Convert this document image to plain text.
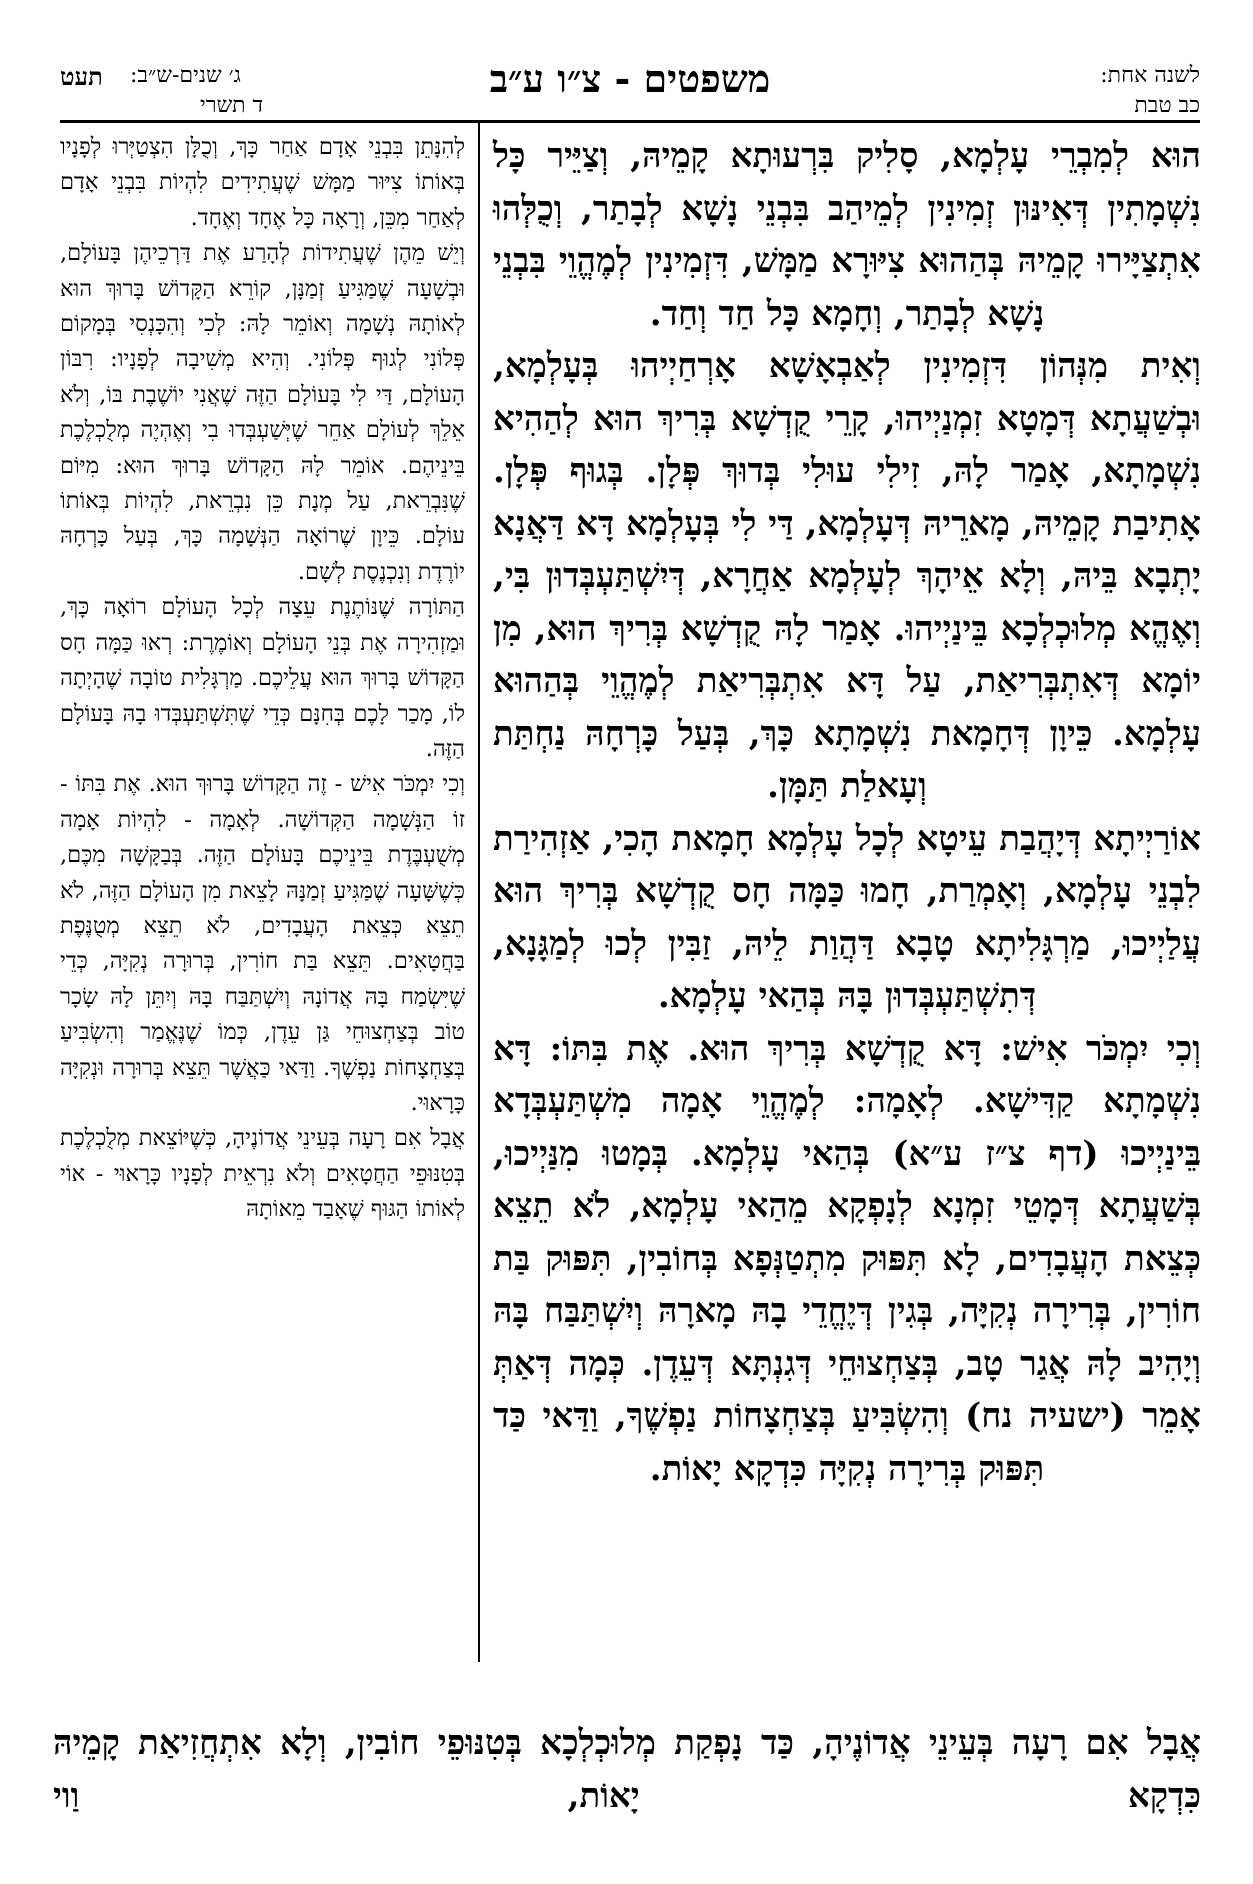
לשנה אחת:
כב טבת
משפטים - צ״ו ע״ב
ג׳ שנים-ש״ב:
ד תשרי
תעט

הוּא לְמִבְרֵי עָלְמָא, סָלִיק בִּרְעוּתָא קָמֵיהּ, וְצַיֵּיר כָּל נִשְׁמָתִין דְּאִינּוּן זְמִינִין לְמֵיהַב בִּבְנֵי נָשָׁא לְבָתַר, וְכֻלְּהוּ אִתְצַיָּירוּ קָמֵיהּ בְּהַהוּא צִיּוּרָא מַמָּשׁ, דִּזְמִינִין לְמֶהֱוֵי בִּבְנֵי נָשָׁא לְבָתַר, וְחָמָא כָּל חַד וְחַד.

וְאִית מִנְּהוֹן דִּזְמִינִין לְאַבְאָשָׁא אָרְחַיְיהוּ בְּעָלְמָא, וּבְשַׁעֲתָא דְּמָטָא זִמְנַיְיהוּ, קָרֵי קֻדְשָׁא בְּרִיךְ הוּא לְהַהִיא נִשְׁמָתָא, אָמַר לָהּ, זִילִי עוּלִי בְּדוּךְ פְּלָן. בְּגוּף פְּלָן. אָתִיבַת קָמֵיהּ, מָארֵיהּ דְּעָלְמָא, דַּי לִי בְּעָלְמָא דָּא דַּאֲנָא יָתְבָא בֵּיהּ, וְלָא אֵיהָךְ לְעָלְמָא אַחֲרָא, דְּיִשְׁתַּעְבְּדוּן בִּי, וְאֶהֱא מְלוּכְלְכָא בֵּינַיְיהוּ. אָמַר לָהּ קֻדְשָׁא בְּרִיךְ הוּא, מִן יוֹמָא דְּאִתְבְּרִיאַת, עַל דָּא אִתְבְּרִיאַת לְמֶהֱוֵי בְּהַהוּא עָלְמָא. כֵּיוָן דְּחָמָאת נִשְׁמָתָא כָּךְ, בְּעַל כָּרְחָהּ נַחְתַּת וְעָאלַת תַּמָּן.

אוֹרַיְיתָא דְּיָהֲבַת עֵיטָא לְכָל עָלְמָא חָמָאת הָכִי, אַזְהִירַת לִבְנֵי עָלְמָא, וְאָמְרַת, חָמוּ כַּמָּה חָס קֻדְשָׁא בְּרִיךְ הוּא עֲלַיְיכוּ, מַרְגָּלִיתָא טָבָא דַּהֲוַת לֵיהּ, זַבִּין לְכוּ לְמַגָּנָא, דְּתִשְׁתַּעְבְּדוּן בָּהּ בְּהַאי עָלְמָא.

וְכִי יִמְכֹּר אִישׁ: דָּא קֻדְשָׁא בְּרִיךְ הוּא. אֶת בִּתּוֹ: דָּא נִשְׁמָתָא קַדִּישָׁא. לְאָמָה: לְמֶהֱוֵי אָמָה מִשְׁתַּעְבְּדָא בֵּינַיְיכוּ (דף צ״ז ע״א) בְּהַאי עָלְמָא. בְּמָטוּ מִנַּיְיכוּ, בְּשַׁעֲתָא דְּמָטֵי זִמְנָא לְנָפְקָא מֵהַאי עָלְמָא, לֹא תֵצֵא כְּצֵאת הָעֲבָדִים, לָא תִּפּוּק מִתְטַנְּפָא בְּחוֹבִין, תִּפּוּק בַּת חוֹרִין, בְּרִירָה נְקִיָּה, בְּגִין דְּיֶחֱדֵי בָהּ מָארָהּ וְיִשְׁתַּבַּח בָּהּ וְיָהִיב לָהּ אֲגַר טָב, בְּצַחְצוּחֵי דְּגִנְתָּא דְּעֵדֶן. כְּמָה דְּאַתְּ אָמֵר (ישעיה נח) וְהִשְׂבִּיעַ בְּצַחְצָחוֹת נַפְשֶׁךָ, וַדַּאי כַּד תִּפּוּק בְּרִירָה נְקִיָּה כִּדְקָא יָאוֹת.

לְהִנָּתֵן בִּבְנֵי אָדָם אַחַר כָּךְ, וְכֻלָּן הִצְטַיְּרוּ לְפָנָיו בְּאוֹתוֹ צִיּוּר מַמָּשׁ שֶׁעֲתִידִים לִהְיוֹת בִּבְנֵי אָדָם לְאַחַר מִכֵּן, וְרָאָה כָּל אֶחָד וְאֶחָד.

וְיֵשׁ מֵהֶן שֶׁעֲתִידוֹת לְהָרַע אֶת דַּרְכֵיהֶן בָּעוֹלָם, וּבְשָׁעָה שֶׁמַּגִּיעַ זְמַנָּן, קוֹרֵא הַקָּדוֹשׁ בָּרוּךְ הוּא לְאוֹתָהּ נְשָׁמָה וְאוֹמֵר לָהּ: לְכִי וְהִכָּנְסִי בְּמָקוֹם פְּלוֹנִי לְגוּף פְּלוֹנִי. וְהִיא מְשִׁיבָה לְפָנָיו: רִבּוֹן הָעוֹלָם, דַּי לִי בָּעוֹלָם הַזֶּה שֶׁאֲנִי יוֹשֶׁבֶת בּוֹ, וְלֹא אֵלֵךְ לְעוֹלָם אַחֵר שֶׁיְּשַׁעְבְּדוּ בִי וְאֶהְיֶה מְלֻכְלֶכֶת בֵּינֵיהֶם. אוֹמֵר לָהּ הַקָּדוֹשׁ בָּרוּךְ הוּא: מִיּוֹם שֶׁנִּבְרֵאת, עַל מְנָת כֵּן נִבְרֵאת, לִהְיוֹת בְּאוֹתוֹ עוֹלָם. כֵּיוָן שֶׁרוֹאָה הַנְּשָׁמָה כָּךְ, בְּעַל כָּרְחָהּ יוֹרֶדֶת וְנִכְנֶסֶת לְשָׁם.

הַתּוֹרָה שֶׁנּוֹתֶנֶת עֵצָה לְכָל הָעוֹלָם רוֹאָה כָּךְ, וּמַזְהִירָה אֶת בְּנֵי הָעוֹלָם וְאוֹמֶרֶת: רְאוּ כַּמָּה חָס הַקָּדוֹשׁ בָּרוּךְ הוּא עֲלֵיכֶם. מַרְגָּלִית טוֹבָה שֶׁהָיְתָה לוֹ, מָכַר לָכֶם בְּחִנָּם כְּדֵי שֶׁתִּשְׁתַּעְבְּדוּ בָהּ בָּעוֹלָם הַזֶּה.

וְכִי יִמְכֹּר אִישׁ - זֶה הַקָּדוֹשׁ בָּרוּךְ הוּא. אֶת בִּתּוֹ - זוֹ הַנְּשָׁמָה הַקְּדוֹשָׁה. לְאָמָה - לִהְיוֹת אָמָה מְשֻׁעְבֶּדֶת בֵּינֵיכֶם בָּעוֹלָם הַזֶּה. בְּבַקָּשָׁה מִכֶּם, כְּשֶׁשָּׁעָה שֶׁמַּגִּיעַ זְמַנָּהּ לָצֵאת מִן הָעוֹלָם הַזֶּה, לֹא תֵצֵא כְּצֵאת הָעֲבָדִים, לֹא תֵצֵא מְטֻנֶּפֶת בַּחֲטָאִים. תֵּצֵא בַּת חוֹרִין, בְּרוּרָה נְקִיָּה, כְּדֵי שֶׁיִּשְׂמַח בָּהּ אֲדוֹנָהּ וְיִשְׁתַּבַּח בָּהּ וְיִתֵּן לָהּ שָׂכָר טוֹב בְּצַחְצוּחֵי גַּן עֵדֶן, כְּמוֹ שֶׁנֶּאֱמַר וְהִשְׂבִּיעַ בְּצַחְצָחוֹת נַפְשֶׁךָ. וַדַּאי כַּאֲשֶׁר תֵּצֵא בְּרוּרָה וּנְקִיָּה כָּרָאוּי.

אֲבָל אִם רָעָה בְּעֵינֵי אֲדוֹנֶיהָ, כְּשֶׁיּוֹצֵאת מְלֻכְלֶכֶת בְּטִנּוּפֵי הַחֲטָאִים וְלֹא נִרְאֵית לְפָנָיו כָּרָאוּי - אוֹי לְאוֹתוֹ הַגּוּף שֶׁאָבַד מֵאוֹתָהּ

אֲבָל אִם רָעָה בְּעֵינֵי אֲדוֹנֶיהָ, כַּד נָפְקַת מְלוּכְלְכָא בְּטִנּוּפֵי חוֹבִין, וְלָא אִתְחֲזִיאַת קָמֵיהּ כִּדְקָא יָאוֹת, וַוי
